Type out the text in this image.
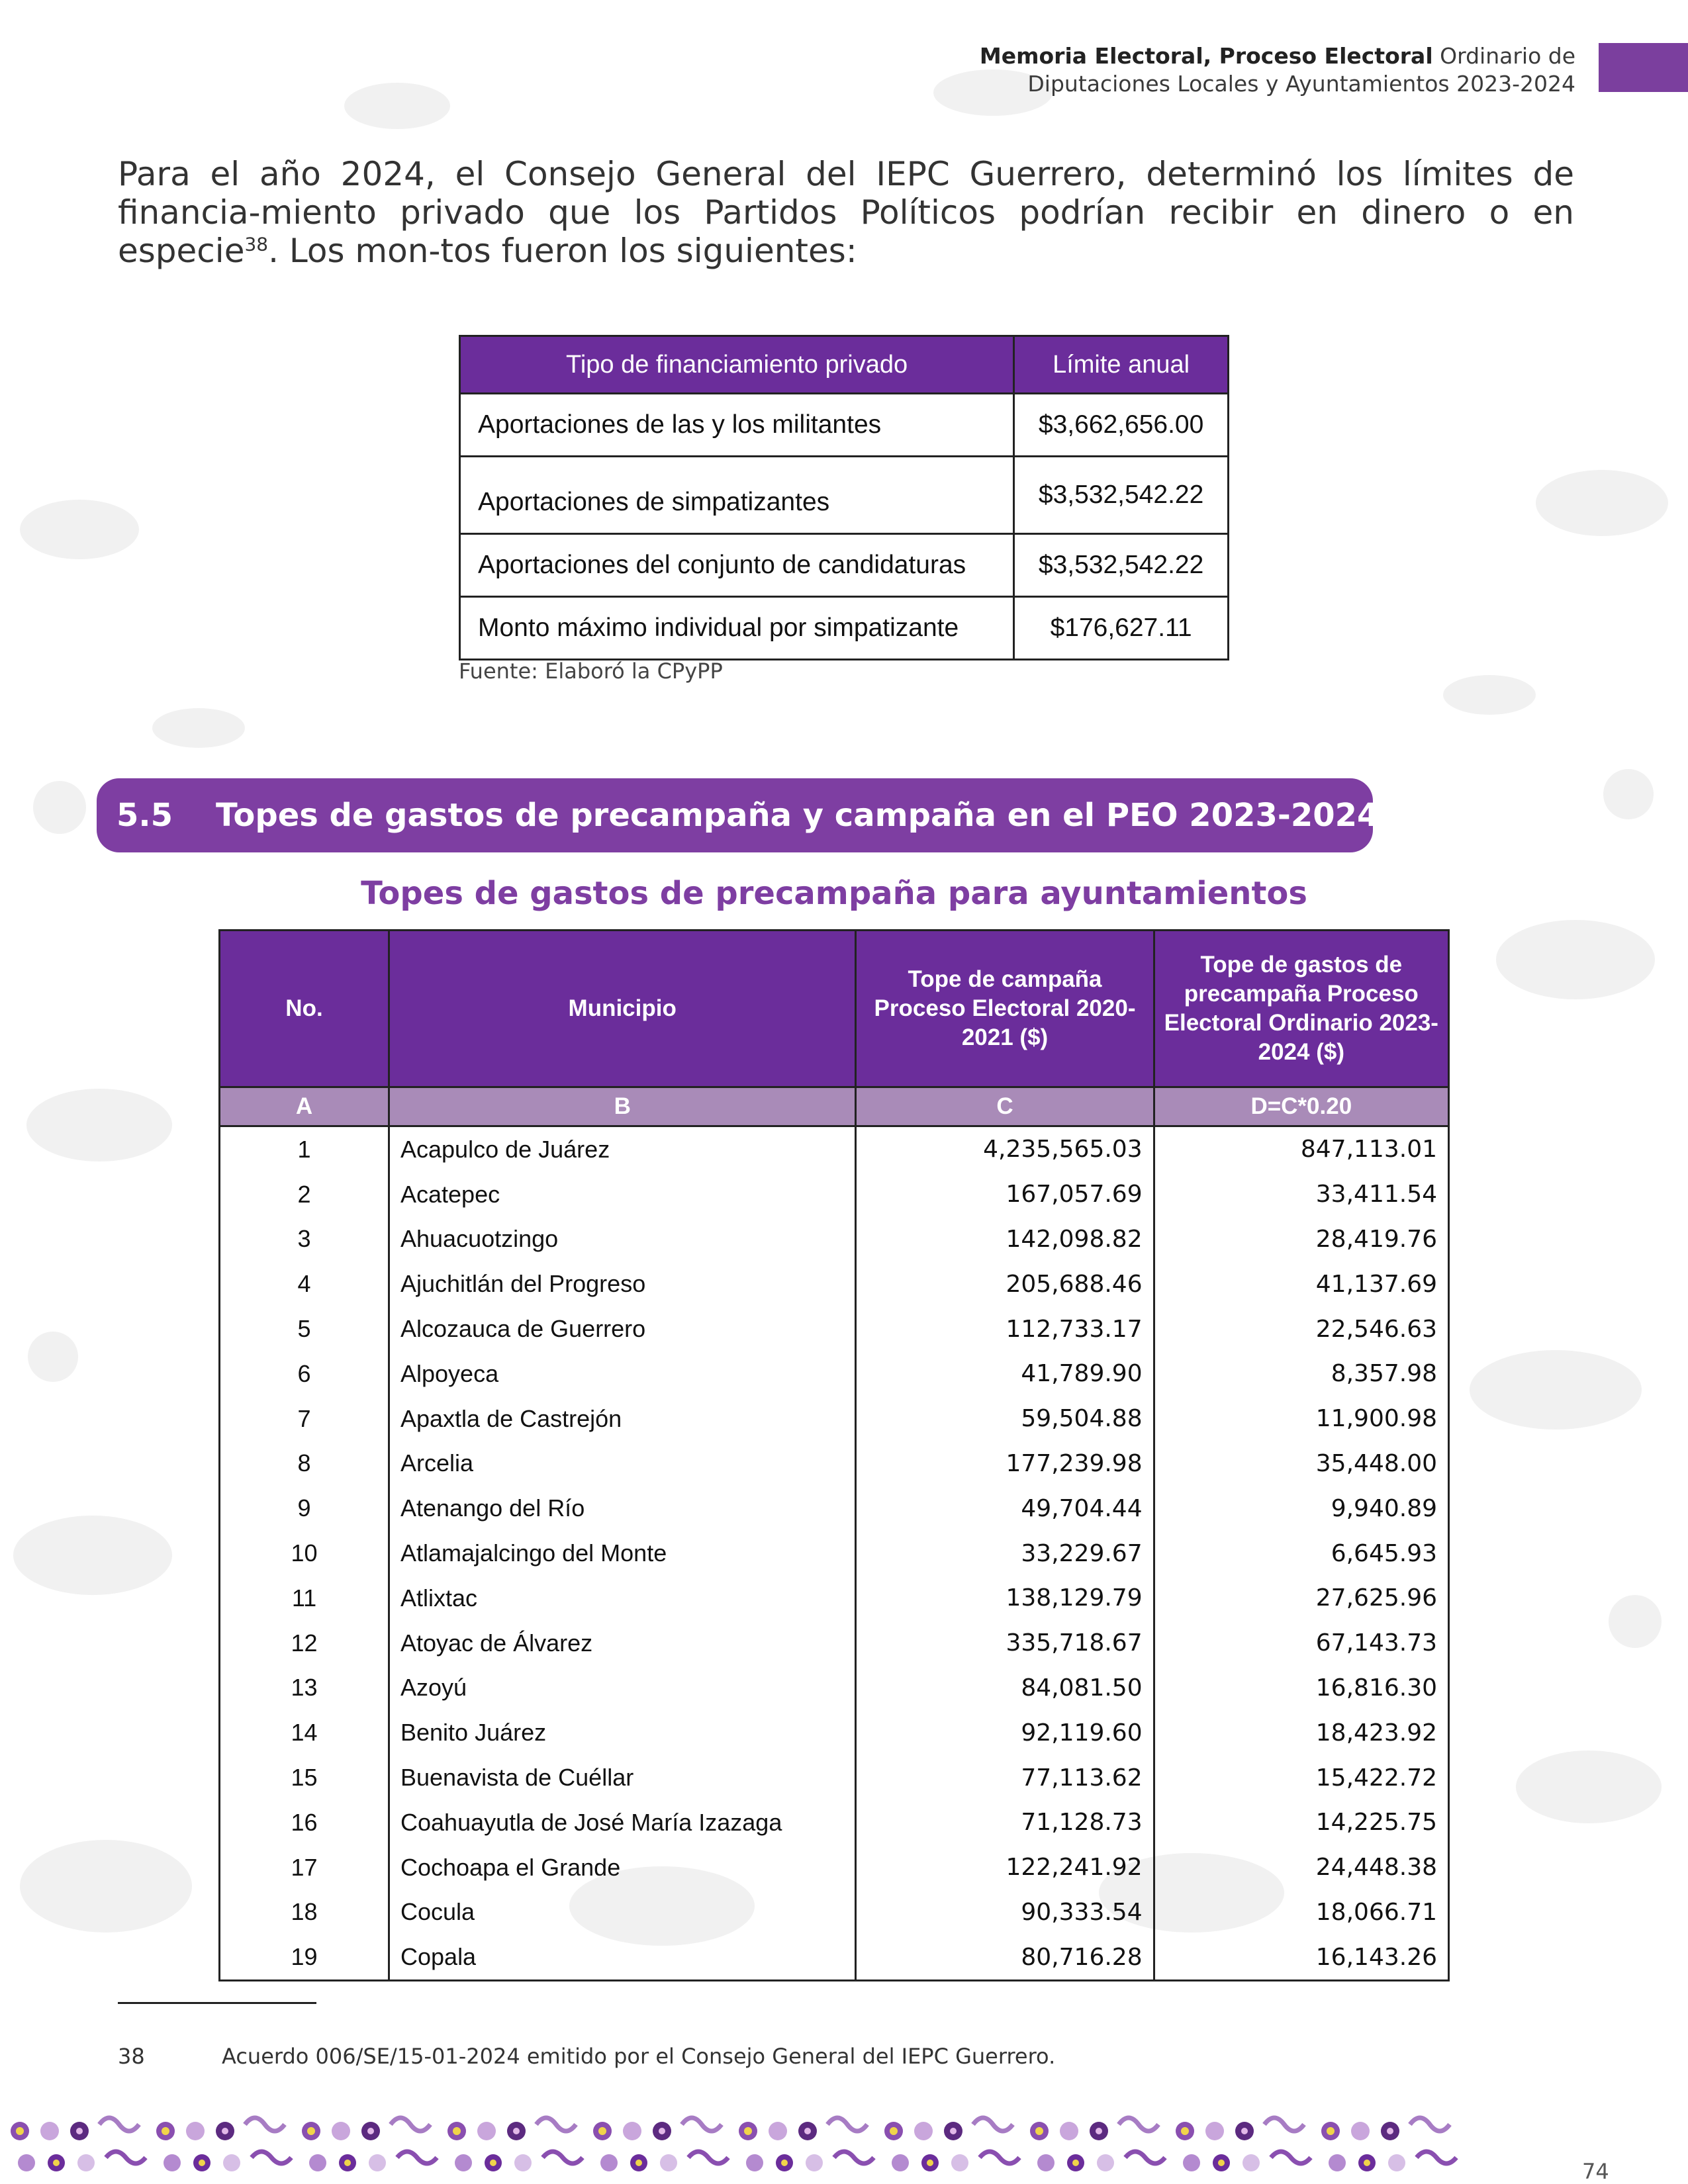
Memoria Electoral, Proceso Electoral Ordinario de
Diputaciones Locales y Ayuntamientos 2023-2024

Para el año 2024, el Consejo General del IEPC Guerrero, determinó los límites de financia-miento privado que los Partidos Políticos podrían recibir en dinero o en especie$^{38}$. Los mon-tos fueron los siguientes:

Tipo de financiamiento privado	Límite anual
Aportaciones de las y los militantes	$3,662,656.00
Aportaciones de simpatizantes	$3,532,542.22
Aportaciones del conjunto de candidaturas	$3,532,542.22
Monto máximo individual por simpatizante	$176,627.11
Fuente: Elaboró la CPyPP
5.5 Topes de gastos de precampaña y campaña en el PEO 2023-2024
Topes de gastos de precampaña para ayuntamientos
No.	Municipio	Tope de campaña Proceso Electoral 2020-2021 ($)	Tope de gastos de precampaña Proceso Electoral Ordinario 2023-2024 ($)
A	B	C	D=C*0.20
1	Acapulco de Juárez	4,235,565.03	847,113.01
2	Acatepec	167,057.69	33,411.54
3	Ahuacuotzingo	142,098.82	28,419.76
4	Ajuchitlán del Progreso	205,688.46	41,137.69
5	Alcozauca de Guerrero	112,733.17	22,546.63
6	Alpoyeca	41,789.90	8,357.98
7	Apaxtla de Castrejón	59,504.88	11,900.98
8	Arcelia	177,239.98	35,448.00
9	Atenango del Río	49,704.44	9,940.89
10	Atlamajalcingo del Monte	33,229.67	6,645.93
11	Atlixtac	138,129.79	27,625.96
12	Atoyac de Álvarez	335,718.67	67,143.73
13	Azoyú	84,081.50	16,816.30
14	Benito Juárez	92,119.60	18,423.92
15	Buenavista de Cuéllar	77,113.62	15,422.72
16	Coahuayutla de José María Izazaga	71,128.73	14,225.75
17	Cochoapa el Grande	122,241.92	24,448.38
18	Cocula	90,333.54	18,066.71
19	Copala	80,716.28	16,143.26
38	Acuerdo 006/SE/15-01-2024 emitido por el Consejo General del IEPC Guerrero.
74
